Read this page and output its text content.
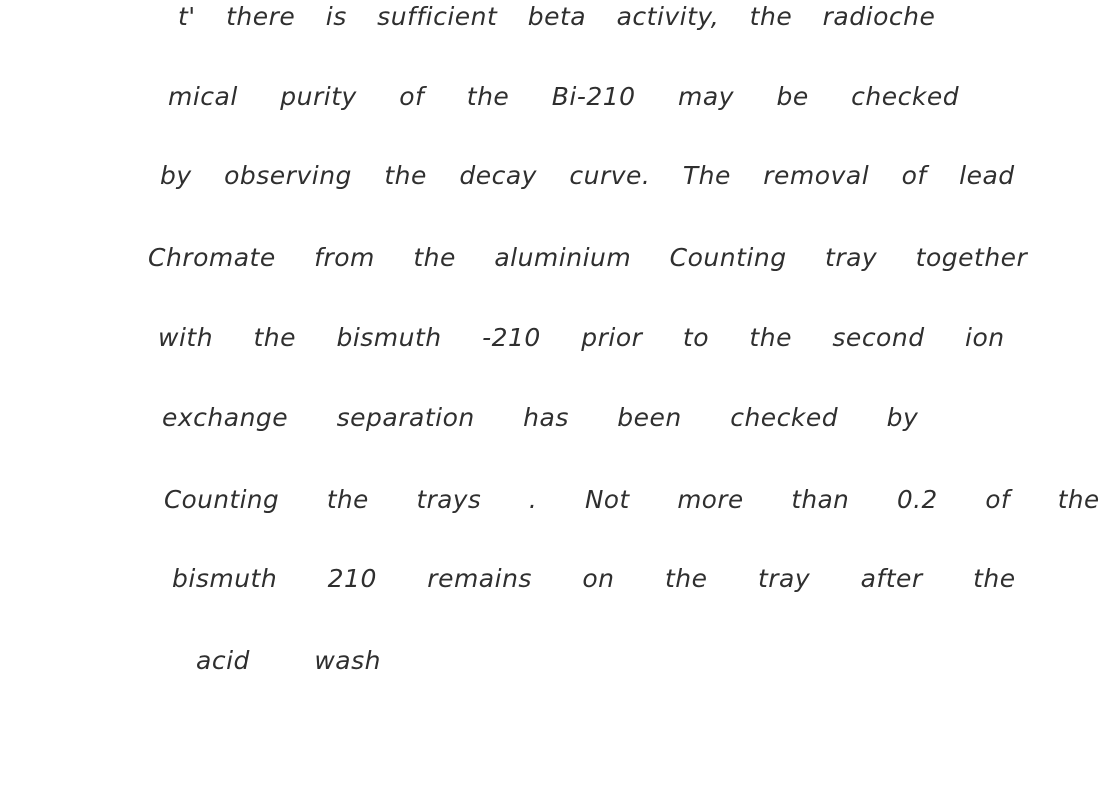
t' there is sufficient beta activity, the radioche

mical purity of the Bi-210 may be checked

by observing the decay curve. The removal of lead

Chromate from the aluminium Counting tray together

with the bismuth -210 prior to the second ion

exchange separation has been checked by

Counting the trays . Not more than 0.2 of the

bismuth 210 remains on the tray after the

acid wash
